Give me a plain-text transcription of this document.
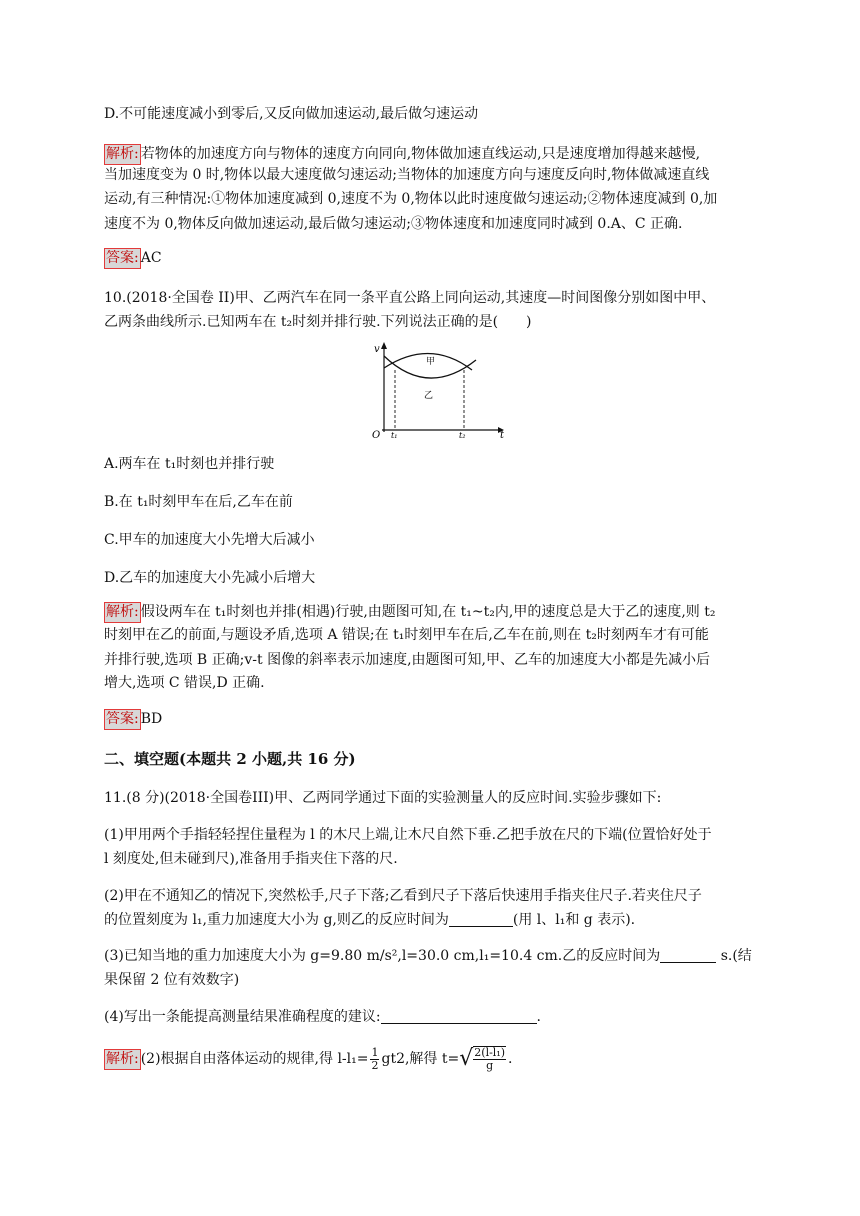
D.不可能速度减小到零后,又反向做加速运动,最后做匀速运动

解析: 若物体的加速度方向与物体的速度方向同向,物体做加速直线运动,只是速度增加得越来越慢,

当加速度变为 0 时,物体以最大速度做匀速运动;当物体的加速度方向与速度反向时,物体做减速直线

运动,有三种情况:①物体加速度减到 0,速度不为 0,物体以此时速度做匀速运动;②物体速度减到 0,加

速度不为 0,物体反向做加速运动,最后做匀速运动;③物体速度和加速度同时减到 0.A、C 正确.

答案: AC

10.(2018·全国卷 II)甲、乙两汽车在同一条平直公路上同向运动,其速度—时间图像分别如图中甲、

乙两条曲线所示.已知两车在 t₂时刻并排行驶.下列说法正确的是(　　)

v
O	t
t₁	t₂
甲
乙

A.两车在 t₁时刻也并排行驶

B.在 t₁时刻甲车在后,乙车在前

C.甲车的加速度大小先增大后减小

D.乙车的加速度大小先减小后增大

解析: 假设两车在 t₁时刻也并排(相遇)行驶,由题图可知,在 t₁~t₂内,甲的速度总是大于乙的速度,则 t₂

时刻甲在乙的前面,与题设矛盾,选项 A 错误;在 t₁时刻甲车在后,乙车在前,则在 t₂时刻两车才有可能

并排行驶,选项 B 正确;v-t 图像的斜率表示加速度,由题图可知,甲、乙车的加速度大小都是先减小后

增大,选项 C 错误,D 正确.

答案: BD

二、填空题(本题共 2 小题,共 16 分)

11.(8 分)(2018·全国卷III)甲、乙两同学通过下面的实验测量人的反应时间.实验步骤如下:

(1)甲用两个手指轻轻捏住量程为 l 的木尺上端,让木尺自然下垂.乙把手放在尺的下端(位置恰好处于

l 刻度处,但未碰到尺),准备用手指夹住下落的尺.

(2)甲在不通知乙的情况下,突然松手,尺子下落;乙看到尺子下落后快速用手指夹住尺子.若夹住尺子

的位置刻度为 l₁,重力加速度大小为 g,则乙的反应时间为	(用 l、l₁和 g 表示).

(3)已知当地的重力加速度大小为 g=9.80 m/s²,l=30.0 cm,l₁=10.4 cm.乙的反应时间为	s.(结

果保留 2 位有效数字)

(4)写出一条能提高测量结果准确程度的建议:	.

解析: (2)根据自由落体运动的规律,得 $l-l_1= \frac{1}{2} gt2$,解得 t= √ $\frac{\text{2(l-l₁)}}{g}$ .
